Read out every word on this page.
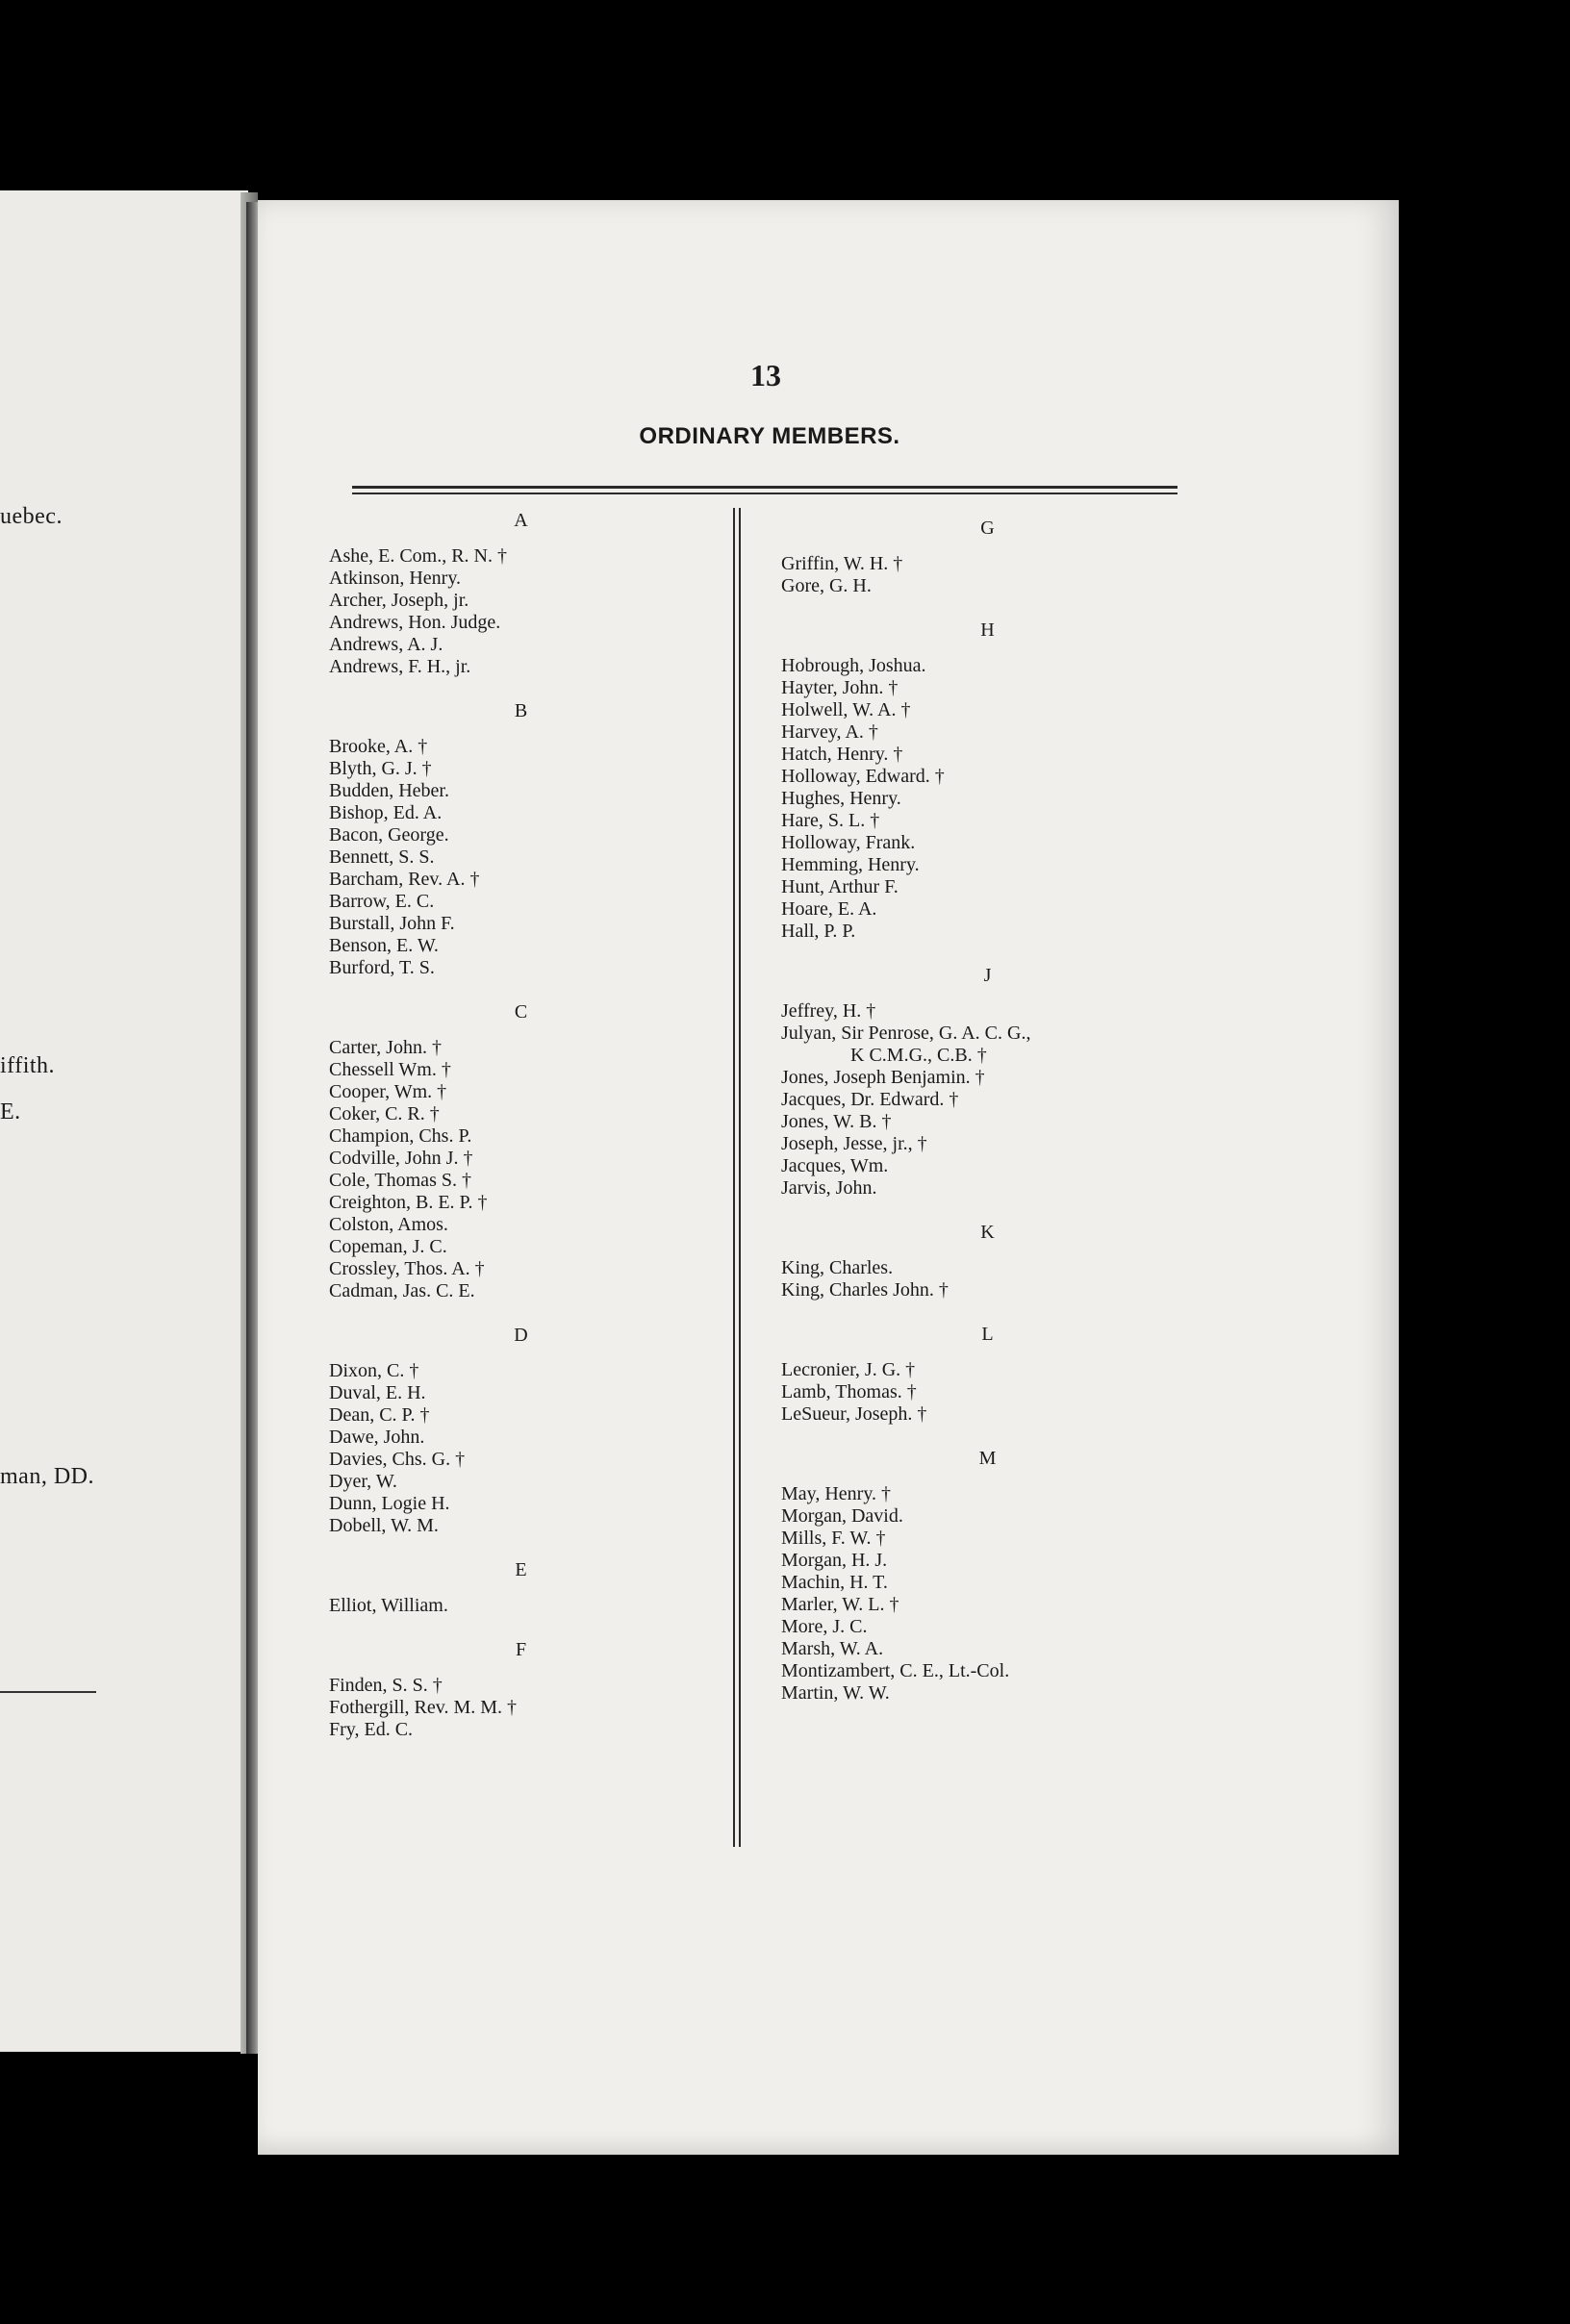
uebec.
iffith.
E.
man, DD.
13
ORDINARY MEMBERS.
A
Ashe, E. Com., R. N. †
Atkinson, Henry.
Archer, Joseph, jr.
Andrews, Hon. Judge.
Andrews, A. J.
Andrews, F. H., jr.
B
Brooke, A. †
Blyth, G. J. †
Budden, Heber.
Bishop, Ed. A.
Bacon, George.
Bennett, S. S.
Barcham, Rev. A. †
Barrow, E. C.
Burstall, John F.
Benson, E. W.
Burford, T. S.
C
Carter, John. †
Chessell Wm. †
Cooper, Wm. †
Coker, C. R. †
Champion, Chs. P.
Codville, John J. †
Cole, Thomas S. †
Creighton, B. E. P. †
Colston, Amos.
Copeman, J. C.
Crossley, Thos. A. †
Cadman, Jas. C. E.
D
Dixon, C. †
Duval, E. H.
Dean, C. P. †
Dawe, John.
Davies, Chs. G. †
Dyer, W.
Dunn, Logie H.
Dobell, W. M.
E
Elliot, William.
F
Finden, S. S. †
Fothergill, Rev. M. M. †
Fry, Ed. C.
G
Griffin, W. H. †
Gore, G. H.
H
Hobrough, Joshua.
Hayter, John. †
Holwell, W. A. †
Harvey, A. †
Hatch, Henry. †
Holloway, Edward. †
Hughes, Henry.
Hare, S. L. †
Holloway, Frank.
Hemming, Henry.
Hunt, Arthur F.
Hoare, E. A.
Hall, P. P.
J
Jeffrey, H. †
Julyan, Sir Penrose, G. A. C. G.,
K C.M.G., C.B. †
Jones, Joseph Benjamin. †
Jacques, Dr. Edward. †
Jones, W. B. †
Joseph, Jesse, jr., †
Jacques, Wm.
Jarvis, John.
K
King, Charles.
King, Charles John. †
L
Lecronier, J. G. †
Lamb, Thomas. †
LeSueur, Joseph. †
M
May, Henry. †
Morgan, David.
Mills, F. W. †
Morgan, H. J.
Machin, H. T.
Marler, W. L. †
More, J. C.
Marsh, W. A.
Montizambert, C. E., Lt.-Col.
Martin, W. W.
